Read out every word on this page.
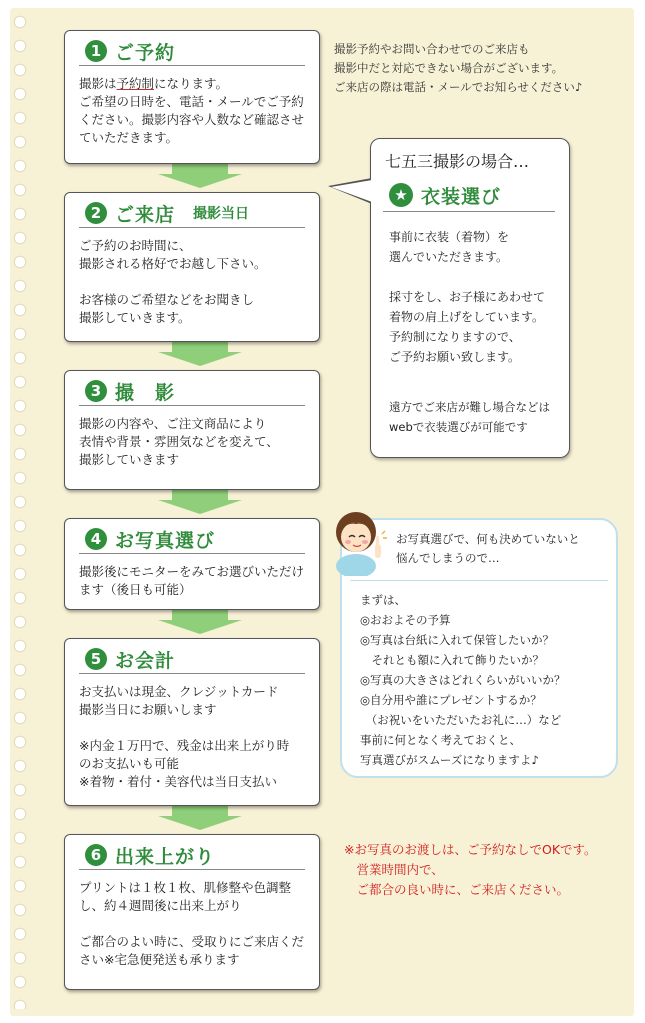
1 ご予約
撮影は予約制になります。
ご希望の日時を、電話・メールでご予約ください。撮影内容や人数など確認させていただきます。
2 ご来店 撮影当日
ご予約のお時間に、
撮影される格好でお越し下さい。

お客様のご希望などをお聞きし
撮影していきます。
3 撮　影
撮影の内容や、ご注文商品により
表情や背景・雰囲気などを変えて、
撮影していきます
4 お写真選び
撮影後にモニターをみてお選びいただけます（後日も可能）
5 お会計
お支払いは現金、クレジットカード
撮影当日にお願いします

※内金１万円で、残金は出来上がり時
のお支払いも可能
※着物・着付・美容代は当日支払い
6 出来上がり
プリントは１枚１枚、肌修整や色調整し、約４週間後に出来上がり

ご都合のよい時に、受取りにご来店ください※宅急便発送も承ります
撮影予約やお問い合わせでのご来店も
撮影中だと対応できない場合がございます。
ご来店の際は電話・メールでお知らせください♪
七五三撮影の場合…
★ 衣装選び
事前に衣装（着物）を
選んでいただきます。

採寸をし、お子様にあわせて
着物の肩上げをしています。
予約制になりますので、
ご予約お願い致します。
遠方でご来店が難し場合などは
webで衣装選びが可能です
お写真選びで、何も決めていないと
悩んでしまうので…
まずは、
◎おおよその予算
◎写真は台紙に入れて保管したいか？
　それとも額に入れて飾りたいか？
◎写真の大きさはどれくらいがいいか？
◎自分用や誰にプレゼントするか？
　（お祝いをいただいたお礼に…）など
事前に何となく考えておくと、
写真選びがスムーズになりますよ♪
※お写真のお渡しは、ご予約なしでOKです。
　営業時間内で、
　ご都合の良い時に、ご来店ください。
